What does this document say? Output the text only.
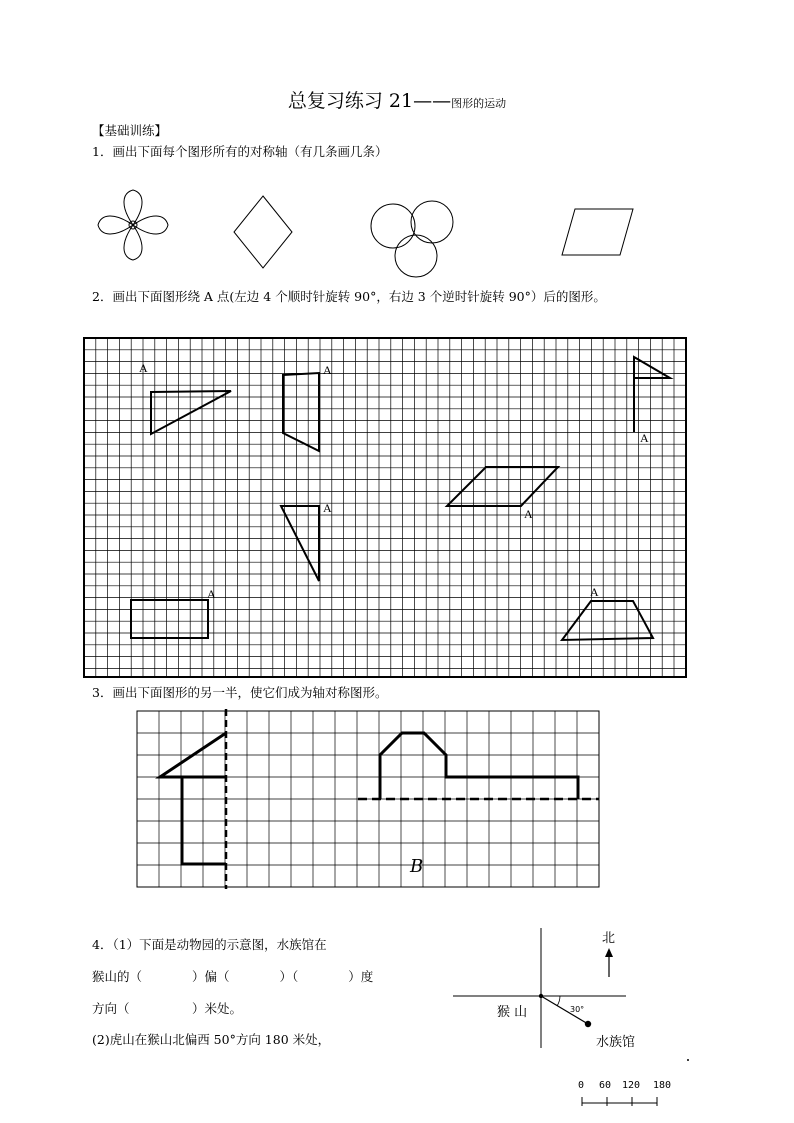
总复习练习 21——图形的运动
【基础训练】
1．画出下面每个图形所有的对称轴（有几条画几条）
2．画出下面图形绕 A 点(左边 4 个顺时针旋转 90°，右边 3 个逆时针旋转 90°）后的图形。
3．画出下面图形的另一半，使它们成为轴对称图形。
4．（1）下面是动物园的示意图，水族馆在
猴山的（　　　　）偏（　　　　）（　　　　）度
方向（　　　　　）米处。
(2)虎山在猴山北偏西 50°方向 180 米处，
A	A
A
A	A
A	A
B
北
30°
猴 山
水族馆
0 60 120 180
